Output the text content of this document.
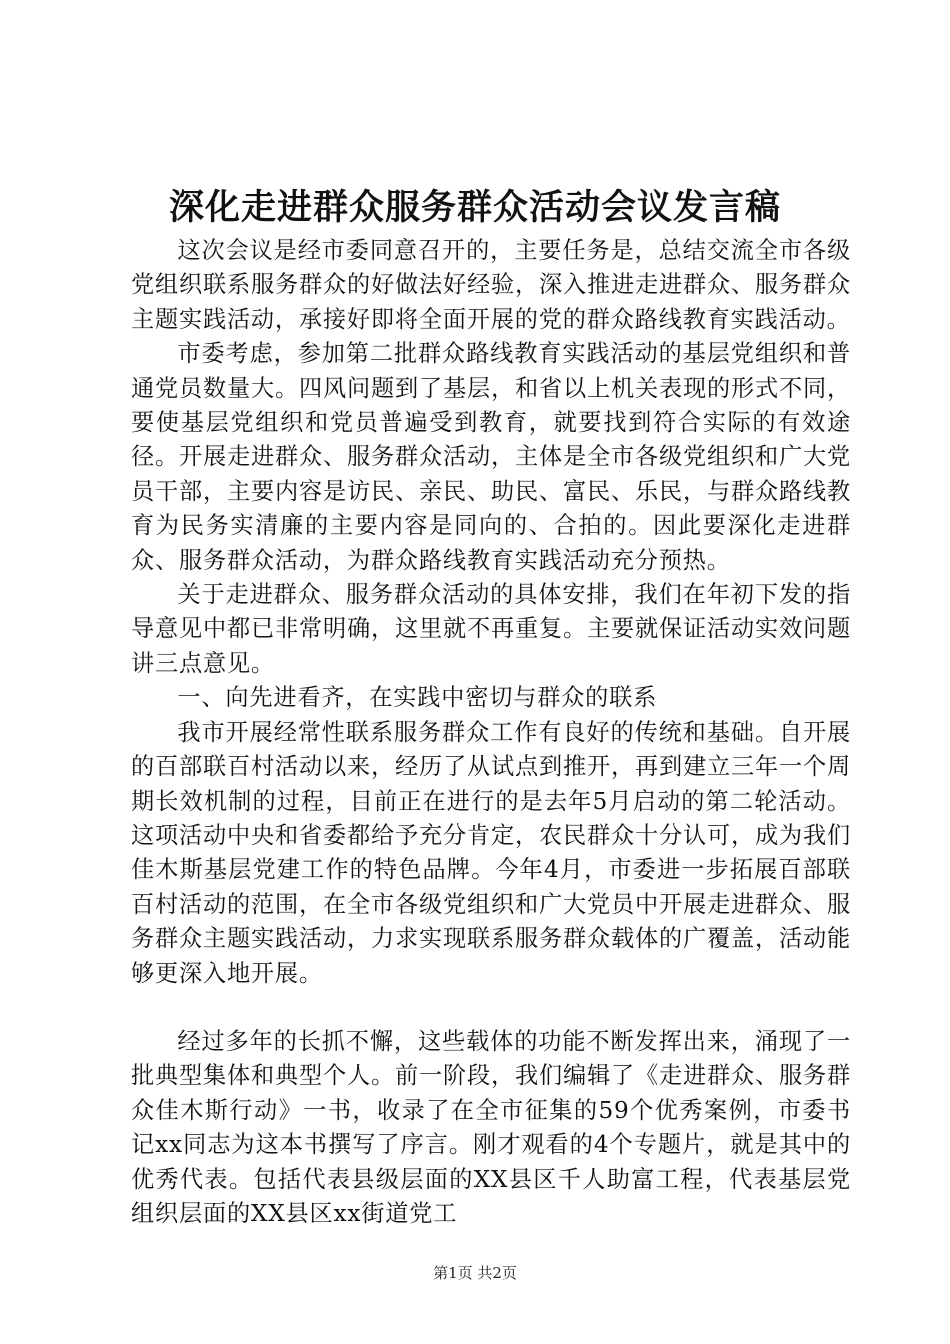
深化走进群众服务群众活动会议发言稿

这次会议是经市委同意召开的，主要任务是，总结交流全市各级党组织联系服务群众的好做法好经验，深入推进走进群众、服务群众主题实践活动，承接好即将全面开展的党的群众路线教育实践活动。

市委考虑，参加第二批群众路线教育实践活动的基层党组织和普通党员数量大。四风问题到了基层，和省以上机关表现的形式不同，要使基层党组织和党员普遍受到教育，就要找到符合实际的有效途径。开展走进群众、服务群众活动，主体是全市各级党组织和广大党员干部，主要内容是访民、亲民、助民、富民、乐民，与群众路线教育为民务实清廉的主要内容是同向的、合拍的。因此要深化走进群众、服务群众活动，为群众路线教育实践活动充分预热。

关于走进群众、服务群众活动的具体安排，我们在年初下发的指导意见中都已非常明确，这里就不再重复。主要就保证活动实效问题讲三点意见。

一、向先进看齐，在实践中密切与群众的联系

我市开展经常性联系服务群众工作有良好的传统和基础。自开展的百部联百村活动以来，经历了从试点到推开，再到建立三年一个周期长效机制的过程，目前正在进行的是去年5月启动的第二轮活动。这项活动中央和省委都给予充分肯定，农民群众十分认可，成为我们佳木斯基层党建工作的特色品牌。今年4月，市委进一步拓展百部联百村活动的范围，在全市各级党组织和广大党员中开展走进群众、服务群众主题实践活动，力求实现联系服务群众载体的广覆盖，活动能够更深入地开展。

经过多年的长抓不懈，这些载体的功能不断发挥出来，涌现了一批典型集体和典型个人。前一阶段，我们编辑了《走进群众、服务群众佳木斯行动》一书，收录了在全市征集的59个优秀案例，市委书记xx同志为这本书撰写了序言。刚才观看的4个专题片，就是其中的优秀代表。包括代表县级层面的XX县区千人助富工程，代表基层党组织层面的XX县区xx街道党工

第1页 共2页
